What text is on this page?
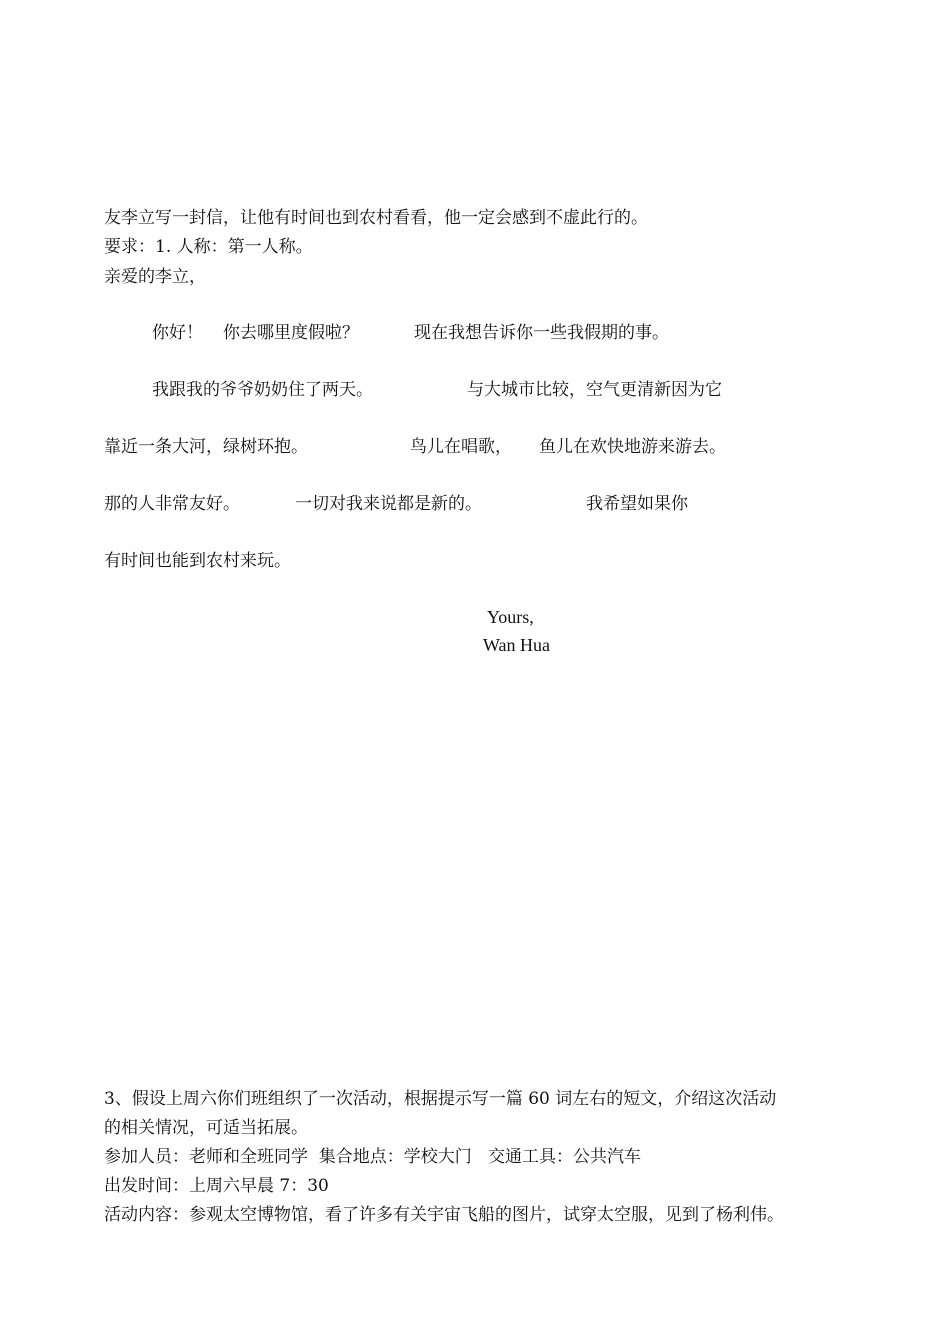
友李立写一封信，让他有时间也到农村看看，他一定会感到不虚此行的。
要求：1. 人称：第一人称。
亲爱的李立，
你好！ 你去哪里度假啦？	现在我想告诉你一些我假期的事。
我跟我的爷爷奶奶住了两天。	与大城市比较，空气更清新因为它
靠近一条大河，绿树环抱。	鸟儿在唱歌， 鱼儿在欢快地游来游去。
那的人非常友好。	一切对我来说都是新的。	我希望如果你
有时间也能到农村来玩。
Yours,
Wan Hua
3、假设上周六你们班组织了一次活动，根据提示写一篇 60 词左右的短文，介绍这次活动
的相关情况，可适当拓展。
参加人员：老师和全班同学  集合地点：学校大门   交通工具：公共汽车
出发时间：上周六早晨 7：30
活动内容：参观太空博物馆，看了许多有关宇宙飞船的图片，试穿太空服，见到了杨利伟。
